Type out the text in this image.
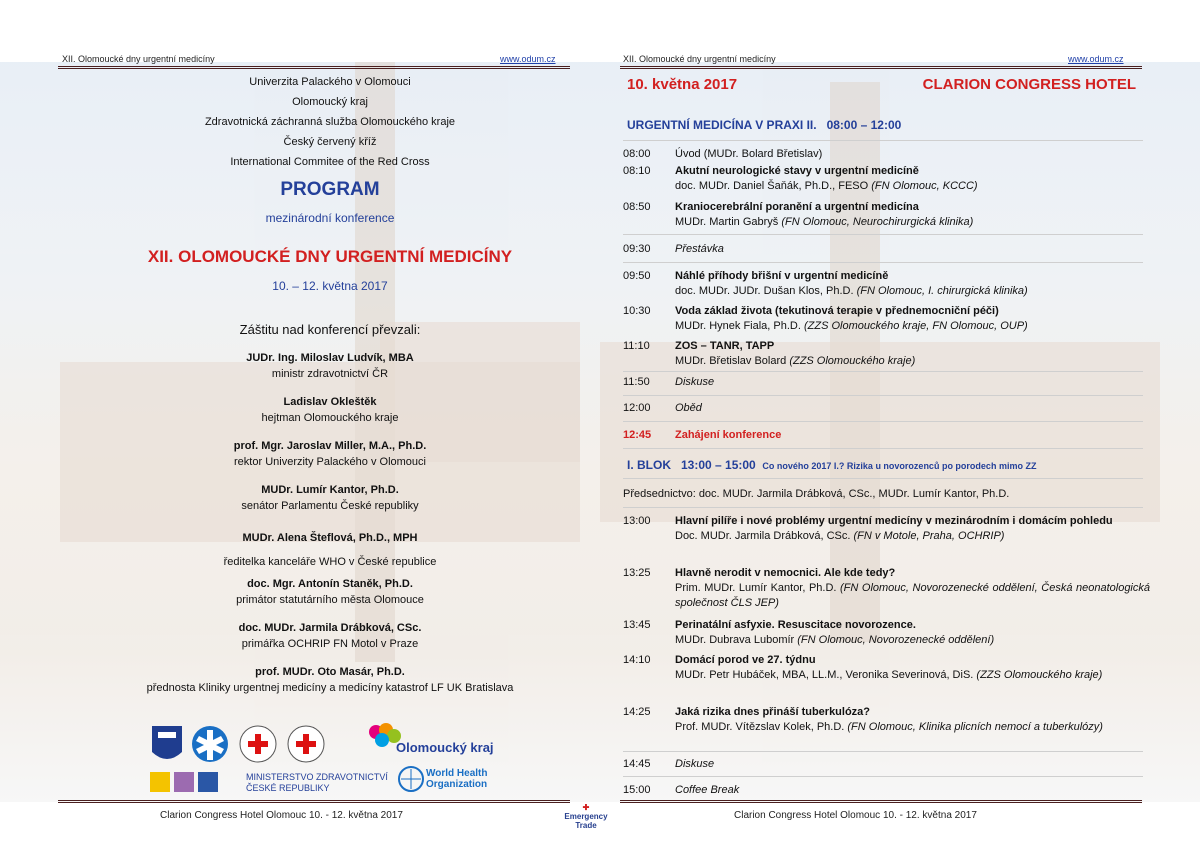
XII. Olomoucké dny urgentní medicíny	www.odum.cz
Clarion Congress Hotel Olomouc 10. - 12. května 2017
Univerzita Palackého v Olomouci
Olomoucký kraj
Zdravotnická záchranná služba Olomouckého kraje
Český červený kříž
International Commitee of the Red Cross
PROGRAM
mezinárodní konference
XII. OLOMOUCKÉ DNY URGENTNÍ MEDICÍNY
10. – 12. května 2017
Záštitu nad konferencí převzali:
JUDr. Ing. Miloslav Ludvík, MBA
ministr zdravotnictví ČR
Ladislav Okleštěk
hejtman Olomouckého kraje
prof. Mgr. Jaroslav Miller, M.A., Ph.D.
rektor Univerzity Palackého v Olomouci
MUDr. Lumír Kantor, Ph.D.
senátor Parlamentu České republiky
MUDr. Alena Šteflová, Ph.D., MPH
ředitelka kanceláře WHO v České republice
doc. Mgr. Antonín Staněk, Ph.D.
primátor statutárního města Olomouce
doc. MUDr. Jarmila Drábková, CSc.
primářka OCHRIP FN Motol v Praze
prof. MUDr. Oto Masár, Ph.D.
přednosta Kliniky urgentnej medicíny a medicíny katastrof LF UK Bratislava
Olomoucký kraj
MINISTERSTVO ZDRAVOTNICTVÍ
ČESKÉ REPUBLIKY
World Health
Organization
✚
Emergency
Trade
XII. Olomoucké dny urgentní medicíny	www.odum.cz
Clarion Congress Hotel Olomouc 10. - 12. května 2017
10. května 2017	CLARION CONGRESS HOTEL
URGENTNÍ MEDICÍNA V PRAXI II.   08:00 – 12:00
08:00	Úvod (MUDr. Bolard Břetislav)
08:10	Akutní neurologické stavy v urgentní medicíně
doc. MUDr. Daniel Šaňák, Ph.D., FESO (FN Olomouc, KCCC)
08:50	Kraniocerebrální poranění a urgentní medicína
MUDr. Martin Gabryš (FN Olomouc, Neurochirurgická klinika)
09:30	Přestávka
09:50	Náhlé příhody břišní v urgentní medicíně
doc. MUDr. JUDr. Dušan Klos, Ph.D. (FN Olomouc, I. chirurgická klinika)
10:30	Voda základ života (tekutinová terapie v přednemocniční péči)
MUDr. Hynek Fiala, Ph.D. (ZZS Olomouckého kraje, FN Olomouc, OUP)
11:10	ZOS – TANR, TAPP
MUDr. Břetislav Bolard (ZZS Olomouckého kraje)
11:50	Diskuse
12:00	Oběd
12:45	Zahájení konference
I. BLOK   13:00 – 15:00 Co nového 2017 I.? Rizika u novorozenců po porodech mimo ZZ
Předsednictvo: doc. MUDr. Jarmila Drábková, CSc., MUDr. Lumír Kantor, Ph.D.
13:00	Hlavní pilíře i nové problémy urgentní medicíny v mezinárodním i domácím pohledu
Doc. MUDr. Jarmila Drábková, CSc. (FN v Motole, Praha, OCHRIP)
13:25	Hlavně nerodit v nemocnici. Ale kde tedy?
Prim. MUDr. Lumír Kantor, Ph.D. (FN Olomouc, Novorozenecké oddělení, Česká neonatologická společnost ČLS JEP)
13:45	Perinatální asfyxie. Resuscitace novorozence.
MUDr. Dubrava Lubomír (FN Olomouc, Novorozenecké oddělení)
14:10	Domácí porod ve 27. týdnu
MUDr. Petr Hubáček, MBA, LL.M., Veronika Severinová, DiS. (ZZS Olomouckého kraje)
14:25	Jaká rizika dnes přináší tuberkulóza?
Prof. MUDr. Vítězslav Kolek, Ph.D. (FN Olomouc, Klinika plicních nemocí a tuberkulózy)
14:45	Diskuse
15:00	Coffee Break
